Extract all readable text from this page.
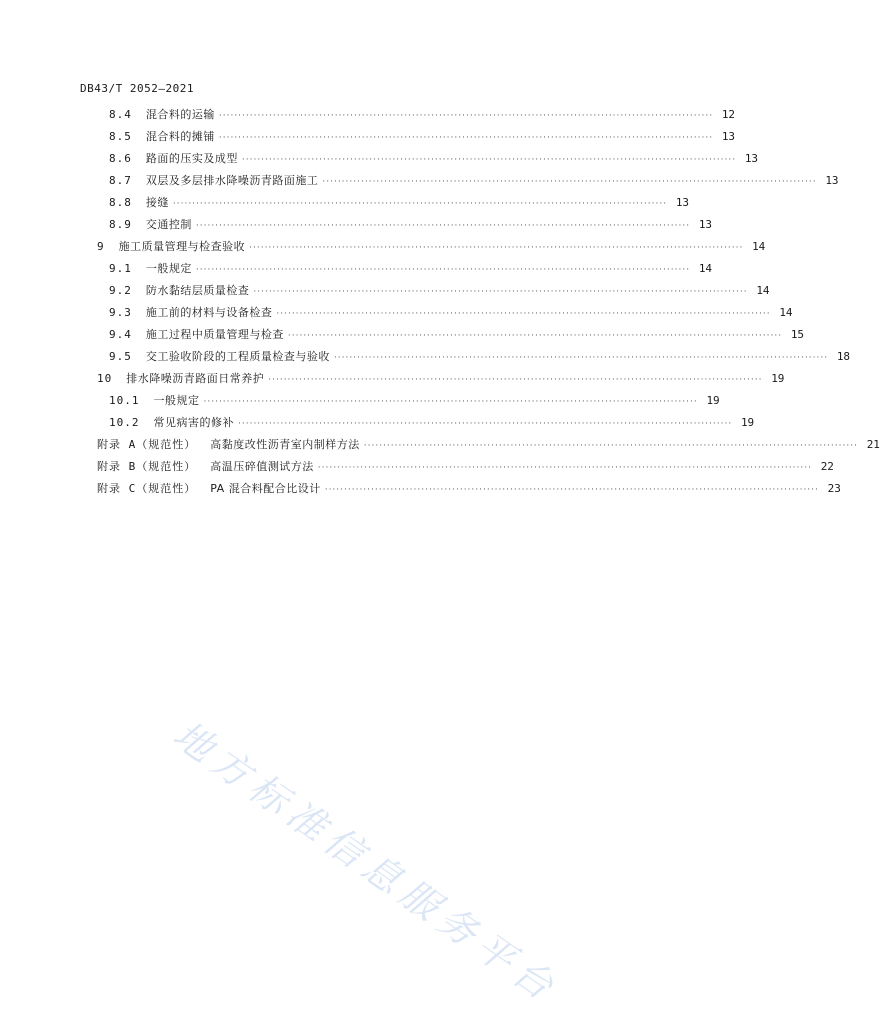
DB43/T 2052—2021
8.4 混合料的运输 ································································································································ 12
8.5 混合料的摊铺 ································································································································ 13
8.6 路面的压实及成型 ································································································································ 13
8.7 双层及多层排水降噪沥青路面施工 ································································································································ 13
8.8 接缝 ································································································································ 13
8.9 交通控制 ································································································································ 13
9 施工质量管理与检查验收 ································································································································ 14
9.1 一般规定 ································································································································ 14
9.2 防水黏结层质量检查 ································································································································ 14
9.3 施工前的材料与设备检查 ································································································································ 14
9.4 施工过程中质量管理与检查 ································································································································ 15
9.5 交工验收阶段的工程质量检查与验收 ································································································································ 18
10 排水降噪沥青路面日常养护 ································································································································ 19
10.1 一般规定 ································································································································ 19
10.2 常见病害的修补 ································································································································ 19
附录 A（规范性） 高黏度改性沥青室内制样方法 ································································································································ 21
附录 B（规范性） 高温压碎值测试方法 ································································································································ 22
附录 C（规范性） PA 混合料配合比设计 ································································································································ 23
地方标准信息服务平台
